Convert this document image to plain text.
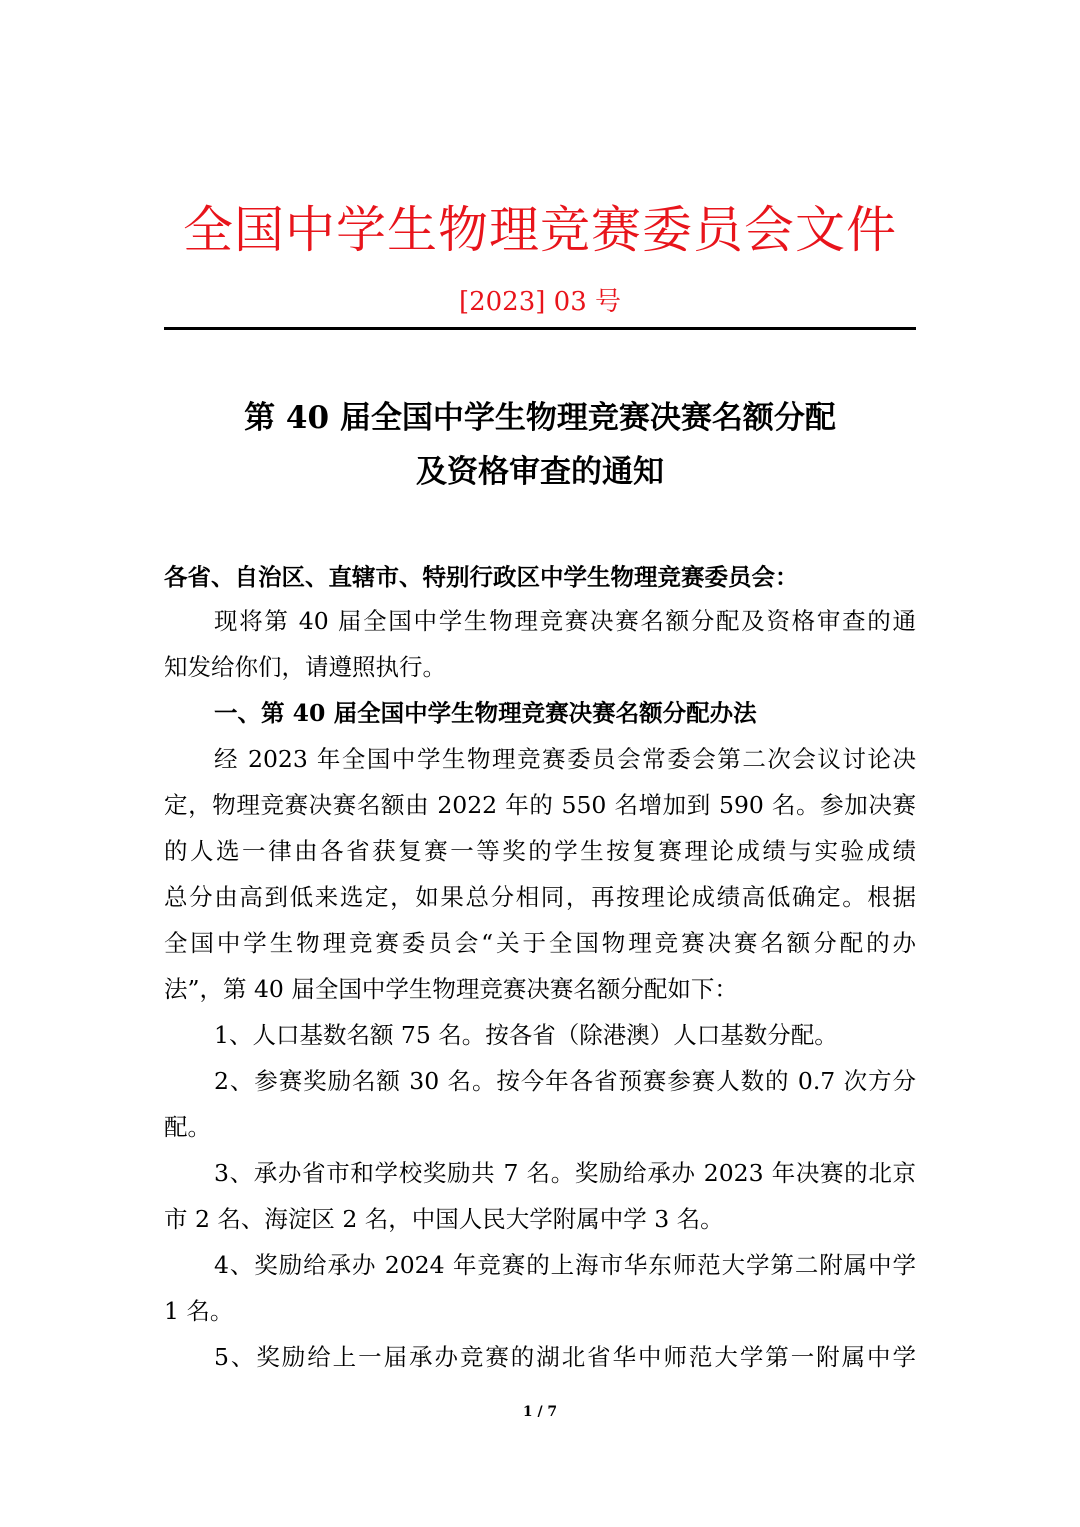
全国中学生物理竞赛委员会文件
[2023] 03 号
第 40 届全国中学生物理竞赛决赛名额分配
及资格审查的通知
各省、自治区、直辖市、特别行政区中学生物理竞赛委员会：
现将第 40 届全国中学生物理竞赛决赛名额分配及资格审查的通
知发给你们，请遵照执行。
一、第 40 届全国中学生物理竞赛决赛名额分配办法
经 2023 年全国中学生物理竞赛委员会常委会第二次会议讨论决
定，物理竞赛决赛名额由 2022 年的 550 名增加到 590 名。参加决赛
的人选一律由各省获复赛一等奖的学生按复赛理论成绩与实验成绩
总分由高到低来选定，如果总分相同，再按理论成绩高低确定。根据
全国中学生物理竞赛委员会“关于全国物理竞赛决赛名额分配的办
法”，第 40 届全国中学生物理竞赛决赛名额分配如下：
1、人口基数名额 75 名。按各省（除港澳）人口基数分配。
2、参赛奖励名额 30 名。按今年各省预赛参赛人数的 0.7 次方分
配。
3、承办省市和学校奖励共 7 名。奖励给承办 2023 年决赛的北京
市 2 名、海淀区 2 名，中国人民大学附属中学 3 名。
4、奖励给承办 2024 年竞赛的上海市华东师范大学第二附属中学
1 名。
5、奖励给上一届承办竞赛的湖北省华中师范大学第一附属中学
1 / 7
